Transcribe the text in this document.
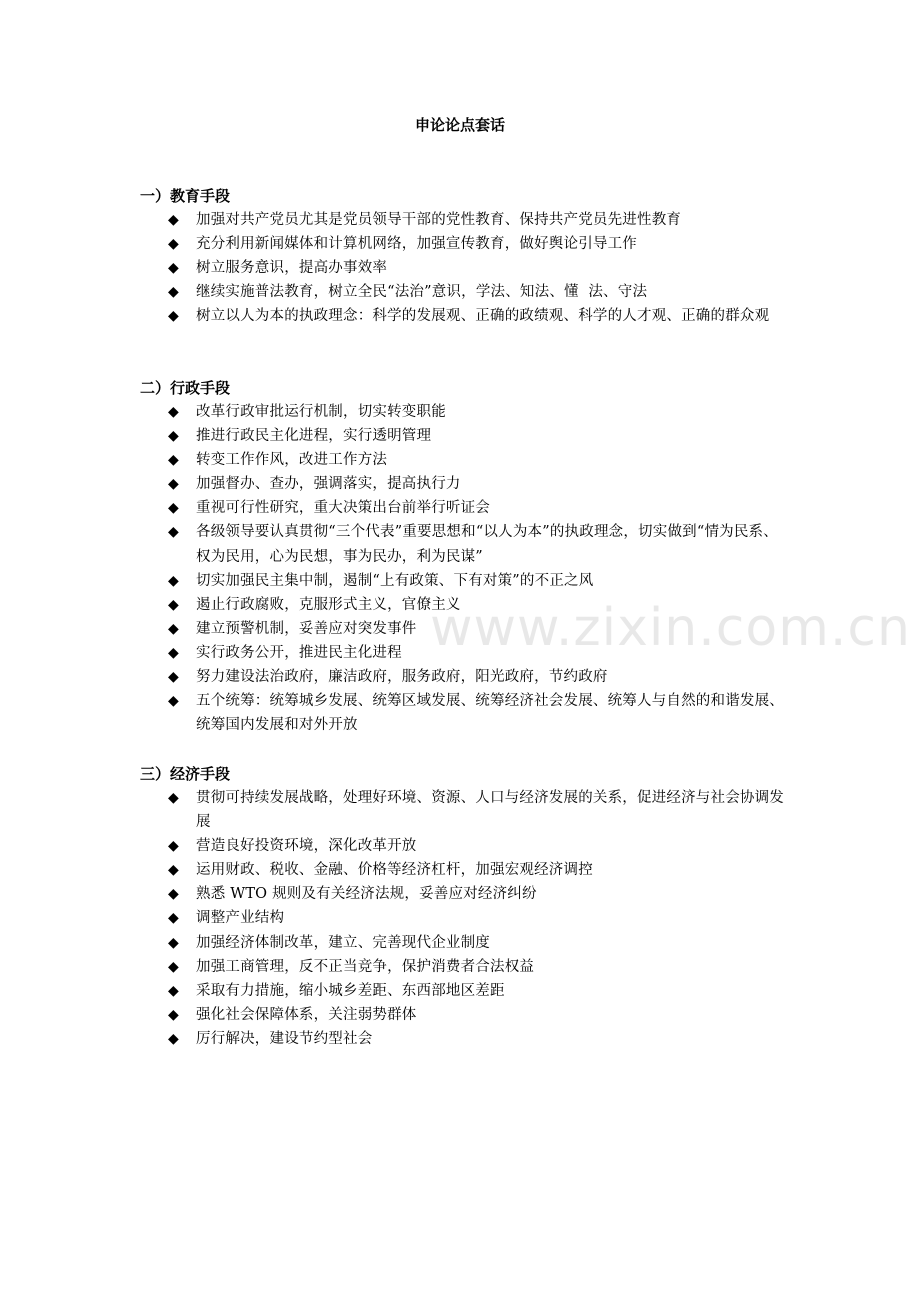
www.zixin.com.cn
申论论点套话
一）教育手段
◆	加强对共产党员尤其是党员领导干部的党性教育、保持共产党员先进性教育
◆	充分利用新闻媒体和计算机网络，加强宣传教育，做好舆论引导工作
◆	树立服务意识，提高办事效率
◆	继续实施普法教育，树立全民“法治”意识，学法、知法、懂  法、守法
◆	树立以人为本的执政理念：科学的发展观、正确的政绩观、科学的人才观、正确的群众观
二）行政手段
◆	改革行政审批运行机制，切实转变职能
◆	推进行政民主化进程，实行透明管理
◆	转变工作作风，改进工作方法
◆	加强督办、查办，强调落实，提高执行力
◆	重视可行性研究，重大决策出台前举行听证会
◆	各级领导要认真贯彻“三个代表”重要思想和“以人为本”的执政理念，切实做到“情为民系、权为民用，心为民想，事为民办，利为民谋”
◆	切实加强民主集中制，遏制“上有政策、下有对策”的不正之风
◆	遏止行政腐败，克服形式主义，官僚主义
◆	建立预警机制，妥善应对突发事件
◆	实行政务公开，推进民主化进程
◆	努力建设法治政府，廉洁政府，服务政府，阳光政府，节约政府
◆	五个统筹：统筹城乡发展、统筹区域发展、统筹经济社会发展、统筹人与自然的和谐发展、统筹国内发展和对外开放
三）经济手段
◆	贯彻可持续发展战略，处理好环境、资源、人口与经济发展的关系，促进经济与社会协调发展
◆	营造良好投资环境，深化改革开放
◆	运用财政、税收、金融、价格等经济杠杆，加强宏观经济调控
◆	熟悉 WTO 规则及有关经济法规，妥善应对经济纠纷
◆	调整产业结构
◆	加强经济体制改革，建立、完善现代企业制度
◆	加强工商管理，反不正当竞争，保护消费者合法权益
◆	采取有力措施，缩小城乡差距、东西部地区差距
◆	强化社会保障体系，关注弱势群体
◆	厉行解决，建设节约型社会
